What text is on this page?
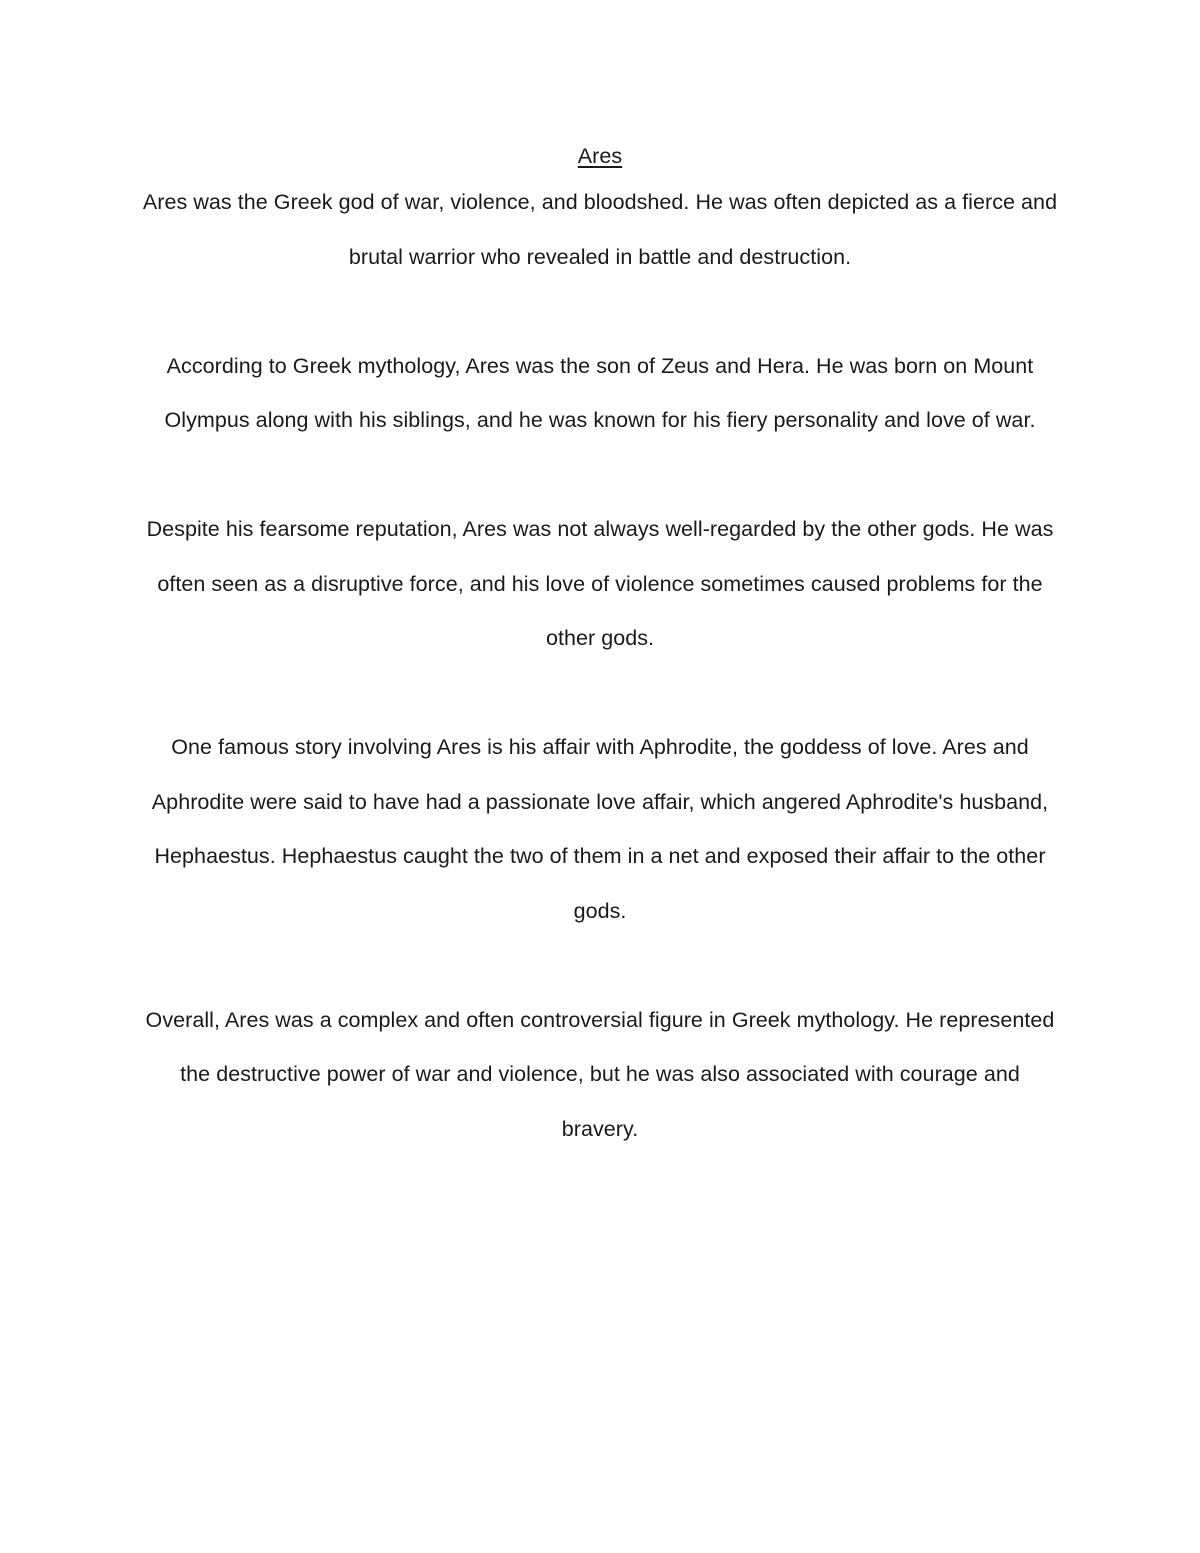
Ares

Ares was the Greek god of war, violence, and bloodshed. He was often depicted as a fierce and brutal warrior who revealed in battle and destruction.

According to Greek mythology, Ares was the son of Zeus and Hera. He was born on Mount Olympus along with his siblings, and he was known for his fiery personality and love of war.

Despite his fearsome reputation, Ares was not always well-regarded by the other gods. He was often seen as a disruptive force, and his love of violence sometimes caused problems for the other gods.

One famous story involving Ares is his affair with Aphrodite, the goddess of love. Ares and Aphrodite were said to have had a passionate love affair, which angered Aphrodite's husband, Hephaestus. Hephaestus caught the two of them in a net and exposed their affair to the other gods.

Overall, Ares was a complex and often controversial figure in Greek mythology. He represented the destructive power of war and violence, but he was also associated with courage and bravery.
